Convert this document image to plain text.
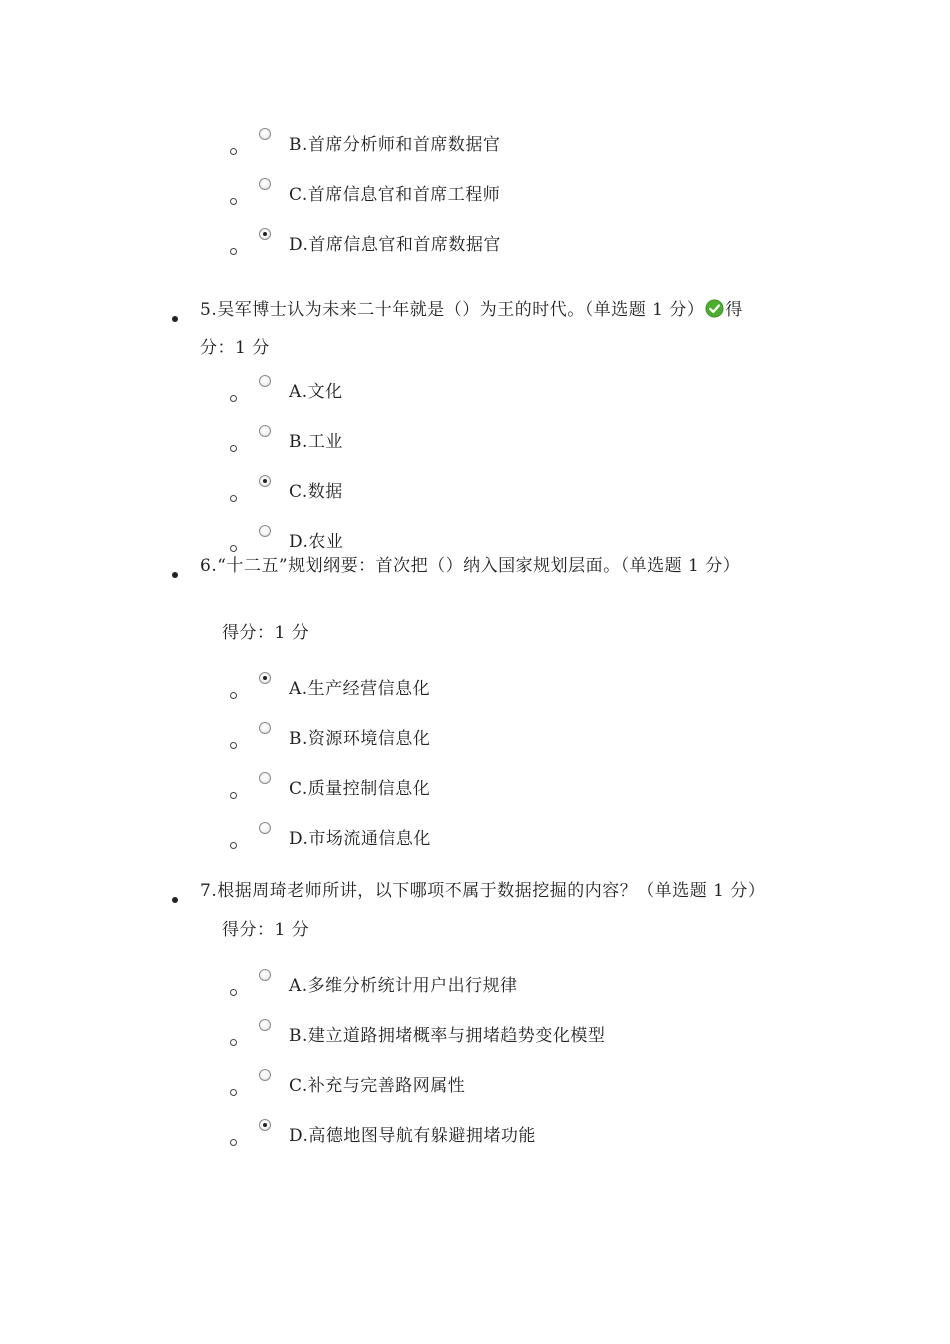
B.首席分析师和首席数据官
C.首席信息官和首席工程师
D.首席信息官和首席数据官
5.吴军博士认为未来二十年就是（）为王的时代。（单选题 1 分） 得
分：1 分
A.文化
B.工业
C.数据
D.农业
6.“十二五”规划纲要：首次把（）纳入国家规划层面。（单选题 1 分）
得分：1 分
A.生产经营信息化
B.资源环境信息化
C.质量控制信息化
D.市场流通信息化
7.根据周琦老师所讲，以下哪项不属于数据挖掘的内容？（单选题 1 分）
得分：1 分
A.多维分析统计用户出行规律
B.建立道路拥堵概率与拥堵趋势变化模型
C.补充与完善路网属性
D.高德地图导航有躲避拥堵功能
